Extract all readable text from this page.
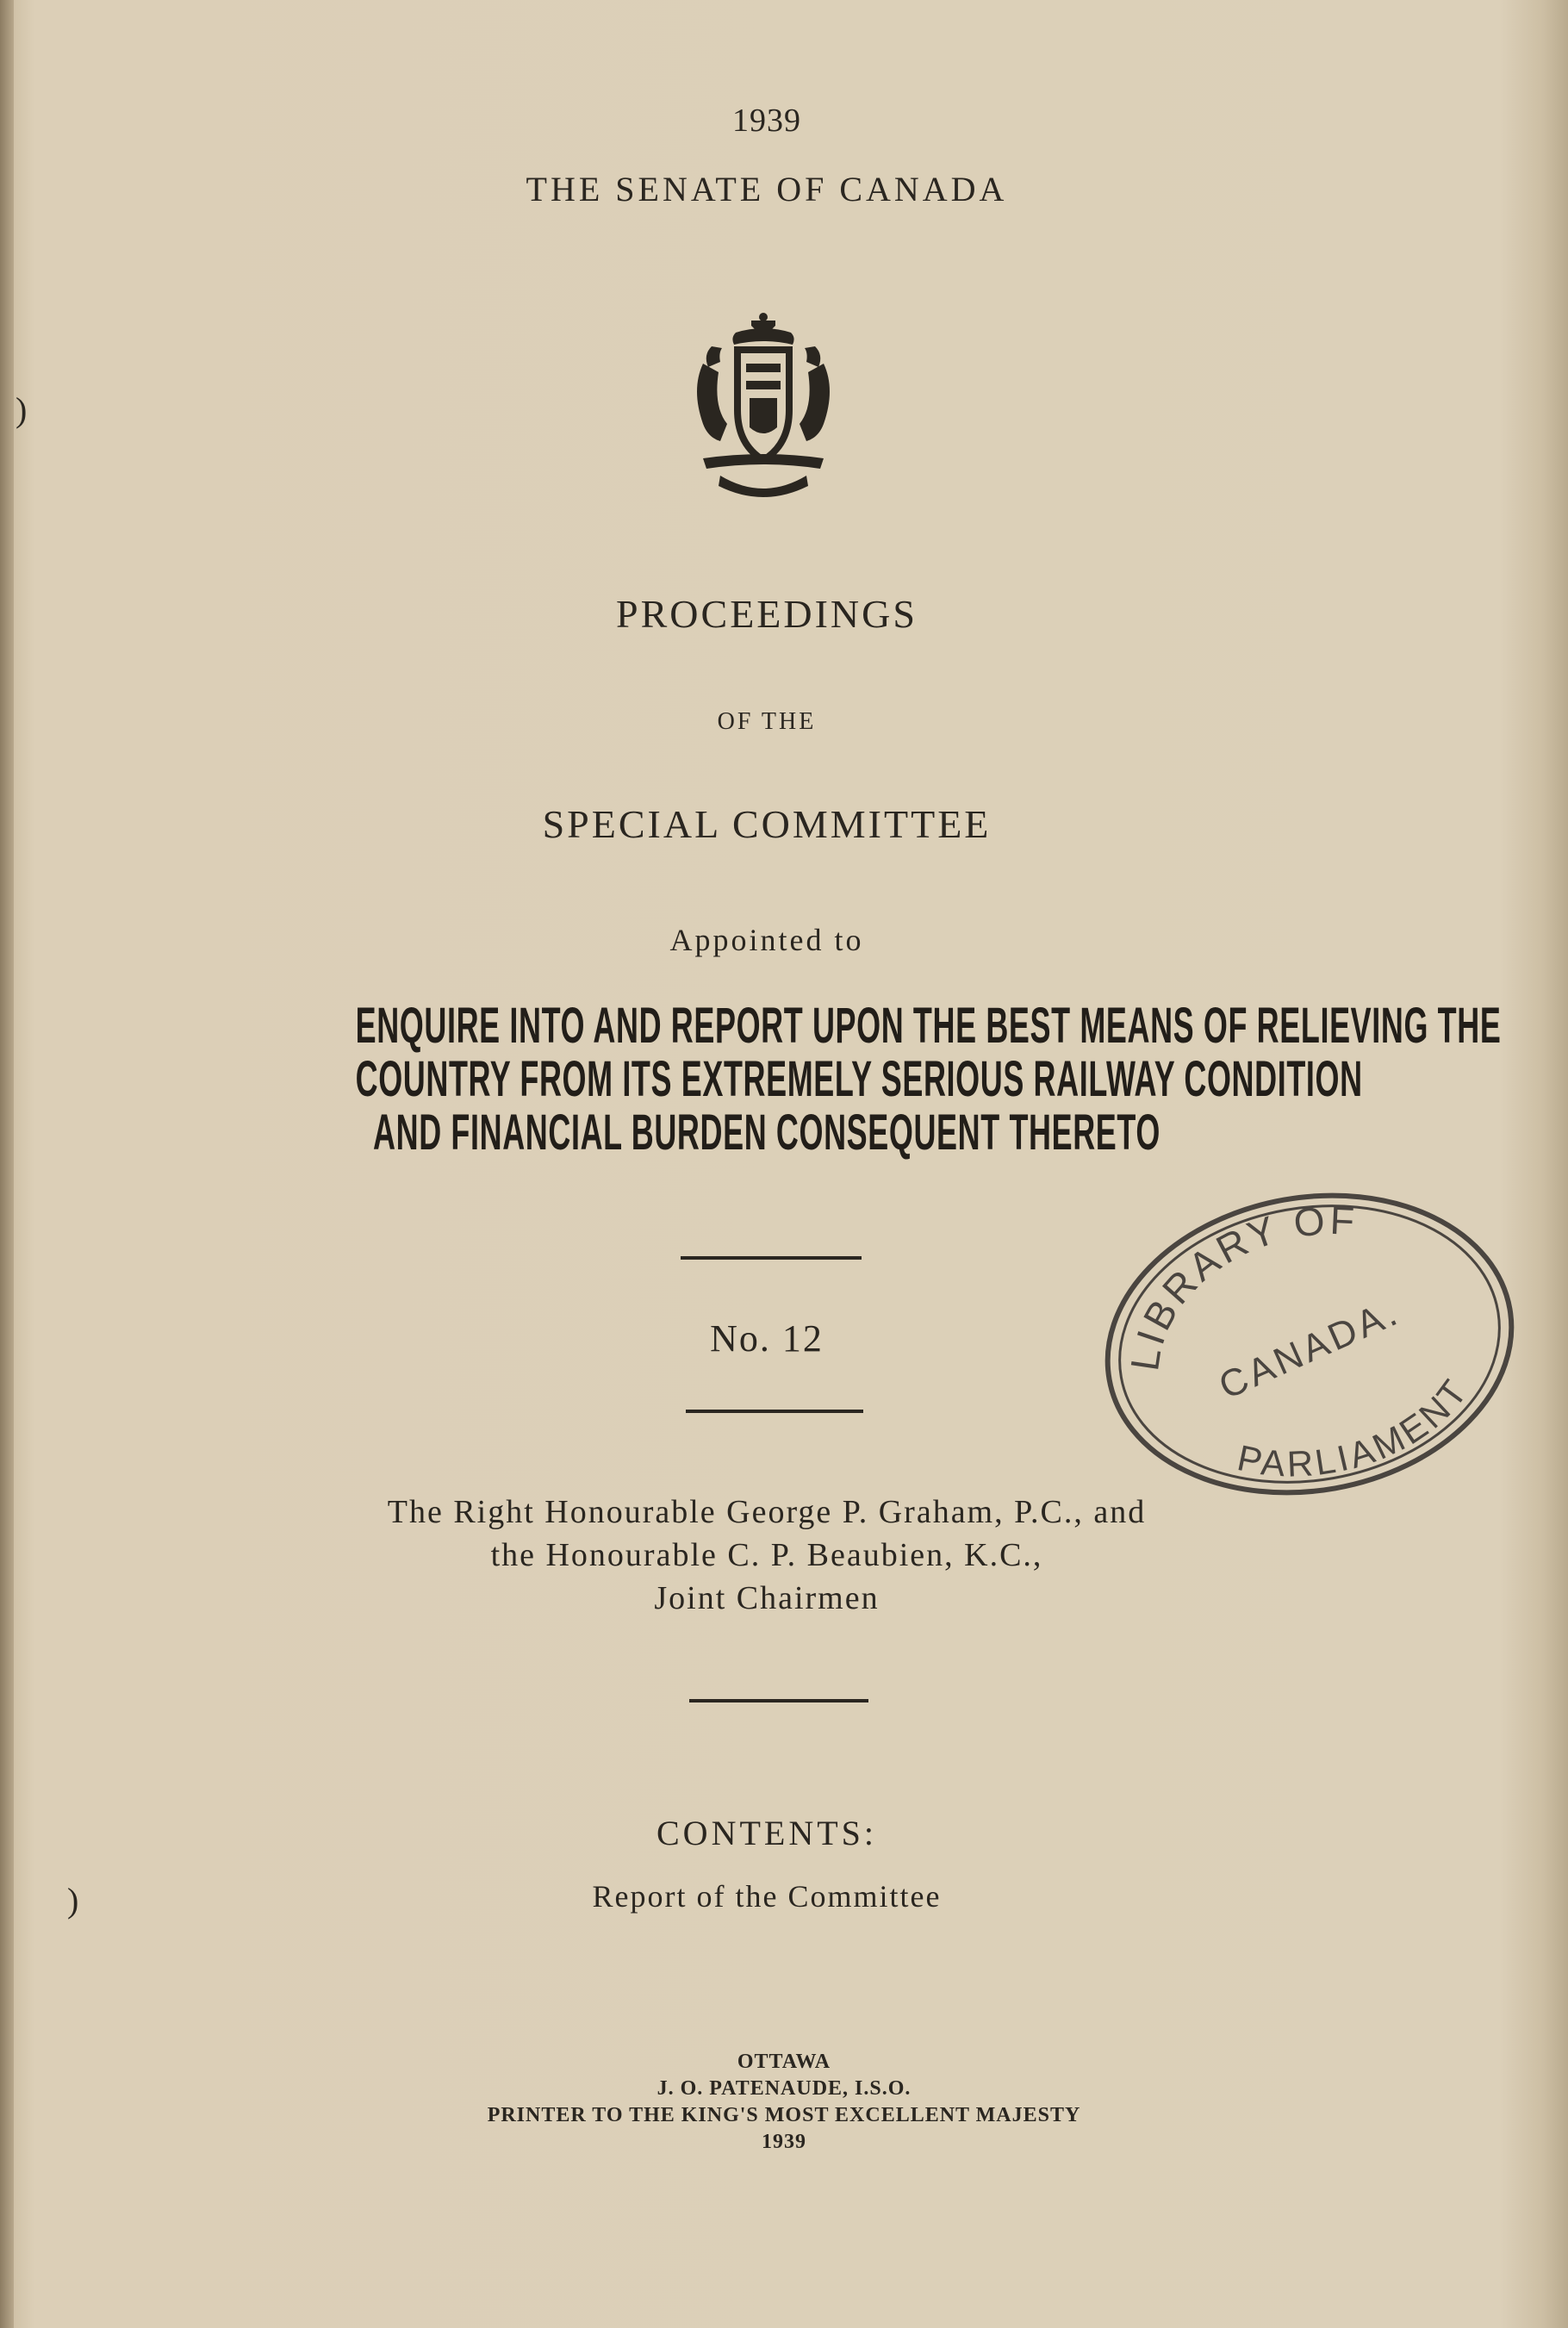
)
)
1939
THE SENATE OF CANADA
PROCEEDINGS
OF THE
SPECIAL COMMITTEE
Appointed to
ENQUIRE INTO AND REPORT UPON THE BEST MEANS OF RELIEVING THE
COUNTRY FROM ITS EXTREMELY SERIOUS RAILWAY CONDITION
AND FINANCIAL BURDEN CONSEQUENT THERETO
No. 12
The Right Honourable George P. Graham, P.C., and
the Honourable C. P. Beaubien, K.C.,
Joint Chairmen
CONTENTS:
Report of the Committee
OTTAWA
J. O. PATENAUDE, I.S.O.
PRINTER TO THE KING'S MOST EXCELLENT MAJESTY
1939
LIBRARY OF
CANADA.
PARLIAMENT
